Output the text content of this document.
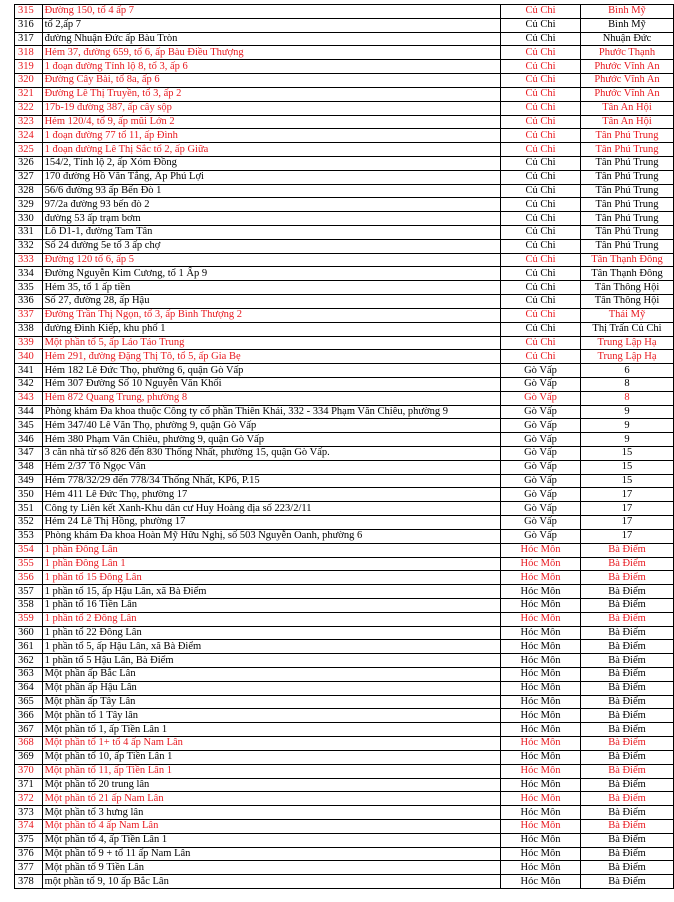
315	Đường 150, tổ 4 ấp 7	Củ Chi	Bình Mỹ
316	tổ 2,ấp 7	Củ Chi	Bình Mỹ
317	đường Nhuận Đức ấp Bàu Tròn	Củ Chi	Nhuận Đức
318	Hẻm 37, đường 659, tổ 6, ấp Bàu Điều Thượng	Củ Chi	Phước Thạnh
319	1 đoạn đường Tỉnh lộ 8, tổ 3, ấp 6	Củ Chi	Phước Vĩnh An
320	Đường Cây Bài, tổ 8a, ấp 6	Củ Chi	Phước Vĩnh An
321	Đường Lê Thị Truyền, tổ 3, ấp 2	Củ Chi	Phước Vĩnh An
322	17b-19 đường 387, ấp cây sộp	Củ Chi	Tân An Hội
323	Hẻm 120/4, tổ 9, ấp mũi Lớn 2	Củ Chi	Tân An Hội
324	1 đoạn đường 77 tổ 11, ấp Đình	Củ Chi	Tân Phú Trung
325	1 đoạn đường Lê Thị Sắc tổ 2, ấp Giữa	Củ Chi	Tân Phú Trung
326	154/2, Tỉnh lộ 2, ấp Xóm Đồng	Củ Chi	Tân Phú Trung
327	170 đường Hồ Văn Tắng, Ấp Phú Lợi	Củ Chi	Tân Phú Trung
328	56/6 đường 93 ấp Bến Đò 1	Củ Chi	Tân Phú Trung
329	97/2a đường 93 bến đò 2	Củ Chi	Tân Phú Trung
330	đường 53 ấp trạm bơm	Củ Chi	Tân Phú Trung
331	Lô D1-1, đường Tam Tân	Củ Chi	Tân Phú Trung
332	Số 24 đường 5e tổ 3 ấp chợ	Củ Chi	Tân Phú Trung
333	Đường 120 tổ 6, ấp 5	Củ Chi	Tân Thạnh Đông
334	Đường Nguyễn Kim Cương, tổ 1 Ấp 9	Củ Chi	Tân Thạnh Đông
335	Hẻm 35, tổ 1 ấp tiền	Củ Chi	Tân Thông Hội
336	Số 27, đường 28, ấp Hậu	Củ Chi	Tân Thông Hội
337	Đường Trần Thị Ngọn, tổ 3, ấp Bình Thượng 2	Củ Chi	Thái Mỹ
338	đường Đình Kiếp, khu phố 1	Củ Chi	Thị Trấn Củ Chi
339	Một phần tổ 5, ấp Láo Táo Trung	Củ Chi	Trung Lập Hạ
340	Hẻm 291, đường Đặng Thị Tô, tổ 5, ấp Gia Bẹ	Củ Chi	Trung Lập Hạ
341	Hẻm 182 Lê Đức Thọ, phường 6, quận Gò Vấp	Gò Vấp	6
342	Hẻm 307 Đường Số 10 Nguyễn Văn Khối	Gò Vấp	8
343	Hẻm 872 Quang Trung, phường 8	Gò Vấp	8
344	Phòng khám Đa khoa thuộc Công ty cổ phần Thiên Khải, 332 - 334 Phạm Văn Chiêu, phường 9	Gò Vấp	9
345	Hẻm 347/40 Lê Văn Thọ, phường 9, quận Gò Vấp	Gò Vấp	9
346	Hẻm 380 Phạm Văn Chiêu, phường 9, quận Gò Vấp	Gò Vấp	9
347	3 căn nhà từ số 826 đến 830 Thống Nhất, phường 15, quận Gò Vấp.	Gò Vấp	15
348	Hẻm 2/37 Tô Ngọc Vân	Gò Vấp	15
349	Hẻm 778/32/29 đến 778/34 Thống Nhất, KP6, P.15	Gò Vấp	15
350	Hẻm 411 Lê Đức Thọ, phường 17	Gò Vấp	17
351	Công ty Liên kết Xanh-Khu dân cư Huy Hoàng địa số 223/2/11	Gò Vấp	17
352	Hẻm 24 Lê Thị Hồng, phường 17	Gò Vấp	17
353	Phòng khám Đa khoa Hoàn Mỹ Hữu Nghị, số 503 Nguyễn Oanh, phường 6	Gò Vấp	17
354	1 phần Đông Lân	Hóc Môn	Bà Điểm
355	1 phần Đông Lân 1	Hóc Môn	Bà Điểm
356	1 phần tổ 15 Đông Lân	Hóc Môn	Bà Điểm
357	1 phần tổ 15, ấp Hậu Lân, xã Bà Điểm	Hóc Môn	Bà Điểm
358	1 phần tổ 16 Tiền Lân	Hóc Môn	Bà Điểm
359	1 phần tổ 2 Đông Lân	Hóc Môn	Bà Điểm
360	1 phần tổ 22 Đông Lân	Hóc Môn	Bà Điểm
361	1 phần tổ 5, ấp Hậu Lân, xã Bà Điểm	Hóc Môn	Bà Điểm
362	1 phần tổ 5 Hậu Lân, Bà Điểm	Hóc Môn	Bà Điểm
363	Một phần ấp Bắc Lân	Hóc Môn	Bà Điểm
364	Một phần ấp Hậu Lân	Hóc Môn	Bà Điểm
365	Một phần ấp Tây Lân	Hóc Môn	Bà Điểm
366	Một phần tổ 1 Tây lân	Hóc Môn	Bà Điểm
367	Một phần tổ 1, ấp Tiền Lân 1	Hóc Môn	Bà Điểm
368	Một phần tổ 1+ tổ 4 ấp Nam Lân	Hóc Môn	Bà Điểm
369	Một phần tổ 10, ấp Tiền Lân 1	Hóc Môn	Bà Điểm
370	Một phần tổ 11, ấp Tiền Lân 1	Hóc Môn	Bà Điểm
371	Một phần tổ 20 trung lân	Hóc Môn	Bà Điểm
372	Một phần tổ 21 ấp Nam Lân	Hóc Môn	Bà Điểm
373	Một phần tổ 3 hưng lân	Hóc Môn	Bà Điểm
374	Một phần tổ 4 ấp Nam Lân	Hóc Môn	Bà Điểm
375	Một phần tổ 4, ấp Tiền Lân 1	Hóc Môn	Bà Điểm
376	Một phần tổ 9 + tổ 11 ấp Nam Lân	Hóc Môn	Bà Điểm
377	Một phần tổ 9 Tiền Lân	Hóc Môn	Bà Điểm
378	một phần tổ 9, 10 ấp Bắc Lân	Hóc Môn	Bà Điểm
